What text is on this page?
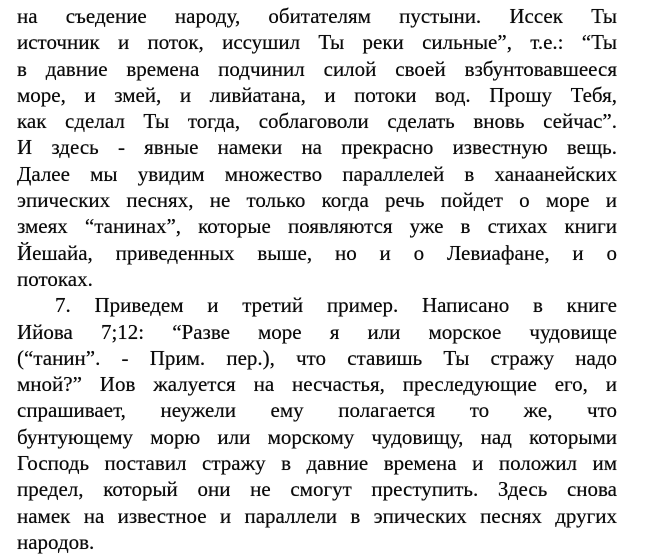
на съедение народу, обитателям пустыни. Иссек Ты
источник и поток, иссушил Ты реки сильные”, т.е.: “Ты
в давние времена подчинил силой своей взбунтовавшееся
море, и змей, и ливйатана, и потоки вод. Прошу Тебя,
как сделал Ты тогда, соблаговоли сделать вновь сейчас”.
И здесь - явные намеки на прекрасно известную вещь.
Далее мы увидим множество параллелей в ханаанейских
эпических песнях, не только когда речь пойдет о море и
змеях “танинах”, которые появляются уже в стихах книги
Йешайа, приведенных выше, но и о Левиафане, и о
потоках.
7. Приведем и третий пример. Написано в книге
Ийова 7;12: “Разве море я или морское чудовище
(“танин”. - Прим. пер.), что ставишь Ты стражу надо
мной?” Иов жалуется на несчастья, преследующие его, и
спрашивает, неужели ему полагается то же, что
бунтующему морю или морскому чудовищу, над которыми
Господь поставил стражу в давние времена и положил им
предел, который они не смогут преступить. Здесь снова
намек на известное и параллели в эпических песнях других
народов.
